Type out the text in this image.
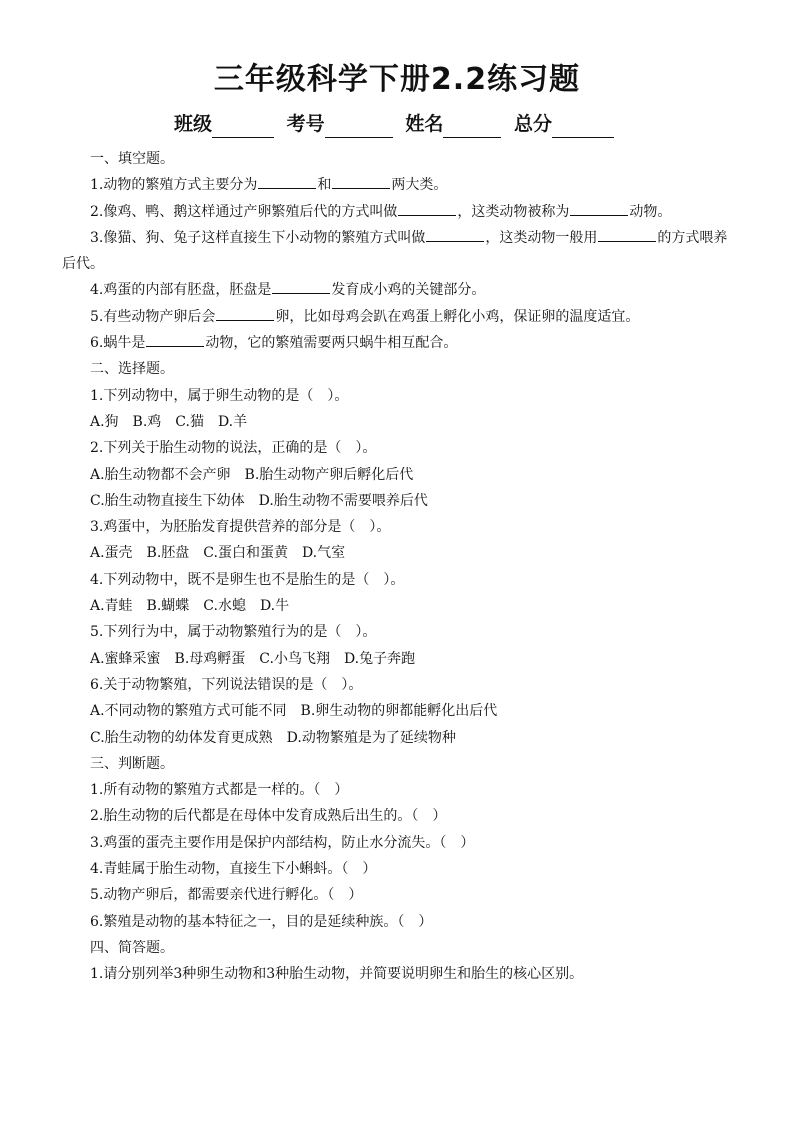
三年级科学下册2.2练习题
班级	考号	姓名	总分
一、填空题。
1.动物的繁殖方式主要分为	和	两大类。
2.像鸡、鸭、鹅这样通过产卵繁殖后代的方式叫做	，这类动物被称为	动物。
3.像猫、狗、兔子这样直接生下小动物的繁殖方式叫做	，这类动物一般用	的方式喂养后代。
4.鸡蛋的内部有胚盘，胚盘是	发育成小鸡的关键部分。
5.有些动物产卵后会	卵，比如母鸡会趴在鸡蛋上孵化小鸡，保证卵的温度适宜。
6.蜗牛是	动物，它的繁殖需要两只蜗牛相互配合。
二、选择题。
1.下列动物中，属于卵生动物的是（　）。
A.狗　B.鸡　C.猫　D.羊
2.下列关于胎生动物的说法，正确的是（　）。
A.胎生动物都不会产卵　B.胎生动物产卵后孵化后代
C.胎生动物直接生下幼体　D.胎生动物不需要喂养后代
3.鸡蛋中，为胚胎发育提供营养的部分是（　）。
A.蛋壳　B.胚盘　C.蛋白和蛋黄　D.气室
4.下列动物中，既不是卵生也不是胎生的是（　）。
A.青蛙　B.蝴蝶　C.水螅　D.牛
5.下列行为中，属于动物繁殖行为的是（　）。
A.蜜蜂采蜜　B.母鸡孵蛋　C.小鸟飞翔　D.兔子奔跑
6.关于动物繁殖，下列说法错误的是（　）。
A.不同动物的繁殖方式可能不同　B.卵生动物的卵都能孵化出后代
C.胎生动物的幼体发育更成熟　D.动物繁殖是为了延续物种
三、判断题。
1.所有动物的繁殖方式都是一样的。（　）
2.胎生动物的后代都是在母体中发育成熟后出生的。（　）
3.鸡蛋的蛋壳主要作用是保护内部结构，防止水分流失。（　）
4.青蛙属于胎生动物，直接生下小蝌蚪。（　）
5.动物产卵后，都需要亲代进行孵化。（　）
6.繁殖是动物的基本特征之一，目的是延续种族。（　）
四、简答题。
1.请分别列举3种卵生动物和3种胎生动物，并简要说明卵生和胎生的核心区别。
